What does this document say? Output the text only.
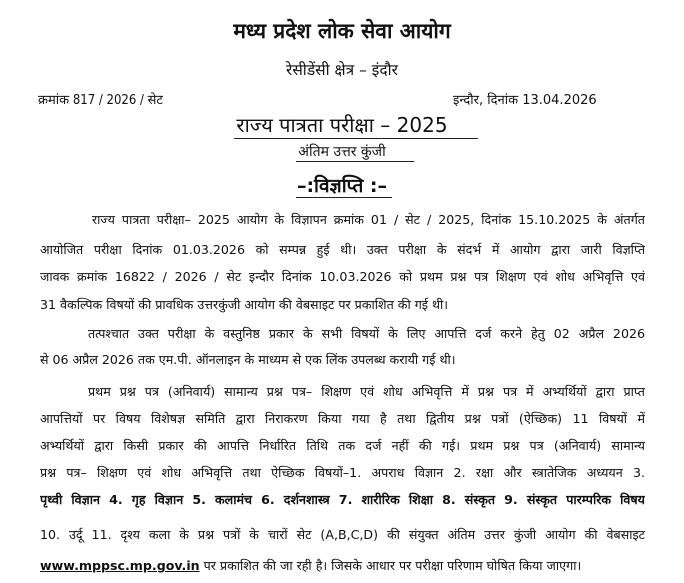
मध्य प्रदेश लोक सेवा आयोग
रेसीडेंसी क्षेत्र – इंदौर
क्रमांक 817 / 2026 / सेट	इन्दौर, दिनांक 13.04.2026
राज्य पात्रता परीक्षा – 2025
अंतिम उत्तर कुंजी
–:विज्ञप्ति :–
राज्य पात्रता परीक्षा– 2025 आयोग के विज्ञापन क्रमांक 01 / सेट / 2025, दिनांक 15.10.2025 के अंतर्गत
आयोजित परीक्षा दिनांक 01.03.2026 को सम्पन्न हुई थी। उक्त परीक्षा के संदर्भ में आयोग द्वारा जारी विज्ञप्ति
जावक क्रमांक 16822 / 2026 / सेट इन्दौर दिनांक 10.03.2026 को प्रथम प्रश्न पत्र शिक्षण एवं शोध अभिवृत्ति एवं
31 वैकल्पिक विषयों की प्रावधिक उत्तरकुंजी आयोग की वेबसाइट पर प्रकाशित की गई थी।
तत्पश्चात उक्त परीक्षा के वस्तुनिष्ठ प्रकार के सभी विषयों के लिए आपत्ति दर्ज करने हेतु 02 अप्रैल 2026
से 06 अप्रैल 2026 तक एम.पी. ऑनलाइन के माध्यम से एक लिंक उपलब्ध करायी गई थी।
प्रथम प्रश्न पत्र (अनिवार्य) सामान्य प्रश्न पत्र– शिक्षण एवं शोध अभिवृत्ति में प्रश्न पत्र में अभ्यर्थियों द्वारा प्राप्त
आपत्तियों पर विषय विशेषज्ञ समिति द्वारा निराकरण किया गया है तथा द्वितीय प्रश्न पत्रों (ऐच्छिक) 11 विषयों में
अभ्यर्थियों द्वारा किसी प्रकार की आपत्ति निर्धारित तिथि तक दर्ज नहीं की गई। प्रथम प्रश्न पत्र (अनिवार्य) सामान्य
प्रश्न पत्र– शिक्षण एवं शोध अभिवृत्ति तथा ऐच्छिक विषयों–1. अपराध विज्ञान 2. रक्षा और स्त्रातेजिक अध्ययन 3.
पृथ्वी विज्ञान 4. गृह विज्ञान 5. कलामंच 6. दर्शनशास्त्र 7. शारीरिक शिक्षा 8. संस्कृत 9. संस्कृत पारम्परिक विषय
10. उर्दू 11. दृश्य कला के प्रश्न पत्रों के चारों सेट (A,B,C,D) की संयुक्त अंतिम उत्तर कुंजी आयोग की वेबसाइट
www.mppsc.mp.gov.in पर प्रकाशित की जा रही है। जिसके आधार पर परीक्षा परिणाम घोषित किया जाएगा।
